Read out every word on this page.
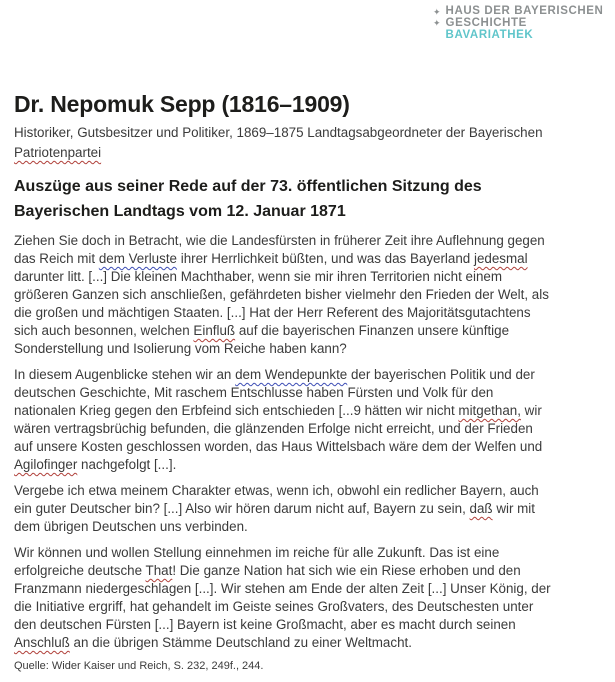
✦
✦
HAUS DER BAYERISCHEN
GESCHICHTE
BAVARIATHEK
Dr. Nepomuk Sepp (1816–1909)

Historiker, Gutsbesitzer und Politiker, 1869–1875 Landtagsabgeordneter der Bayerischen
Patriotenpartei

Auszüge aus seiner Rede auf der 73. öffentlichen Sitzung des
Bayerischen Landtags vom 12. Januar 1871

Ziehen Sie doch in Betracht, wie die Landesfürsten in früherer Zeit ihre Auflehnung gegen
das Reich mit dem Verluste ihrer Herrlichkeit büßten, und was das Bayerland jedesmal
darunter litt. [...] Die kleinen Machthaber, wenn sie mir ihren Territorien nicht einem
größeren Ganzen sich anschließen, gefährdeten bisher vielmehr den Frieden der Welt, als
die großen und mächtigen Staaten. [...] Hat der Herr Referent des Majoritätsgutachtens
sich auch besonnen, welchen Einfluß auf die bayerischen Finanzen unsere künftige
Sonderstellung und Isolierung vom Reiche haben kann?

In diesem Augenblicke stehen wir an dem Wendepunkte der bayerischen Politik und der
deutschen Geschichte, Mit raschem Entschlusse haben Fürsten und Volk für den
nationalen Krieg gegen den Erbfeind sich entschieden [...9 hätten wir nicht mitgethan, wir
wären vertragsbrüchig befunden, die glänzenden Erfolge nicht erreicht, und der Frieden
auf unsere Kosten geschlossen worden, das Haus Wittelsbach wäre dem der Welfen und
Agilofinger nachgefolgt [...].

Vergebe ich etwa meinem Charakter etwas, wenn ich, obwohl ein redlicher Bayern, auch
ein guter Deutscher bin? [...] Also wir hören darum nicht auf, Bayern zu sein, daß wir mit
dem übrigen Deutschen uns verbinden.

Wir können und wollen Stellung einnehmen im reiche für alle Zukunft. Das ist eine
erfolgreiche deutsche That! Die ganze Nation hat sich wie ein Riese erhoben und den
Franzmann niedergeschlagen [...]. Wir stehen am Ende der alten Zeit [...] Unser König, der
die Initiative ergriff, hat gehandelt im Geiste seines Großvaters, des Deutschesten unter
den deutschen Fürsten [...] Bayern ist keine Großmacht, aber es macht durch seinen
Anschluß an die übrigen Stämme Deutschland zu einer Weltmacht.

Quelle: Wider Kaiser und Reich, S. 232, 249f., 244.
